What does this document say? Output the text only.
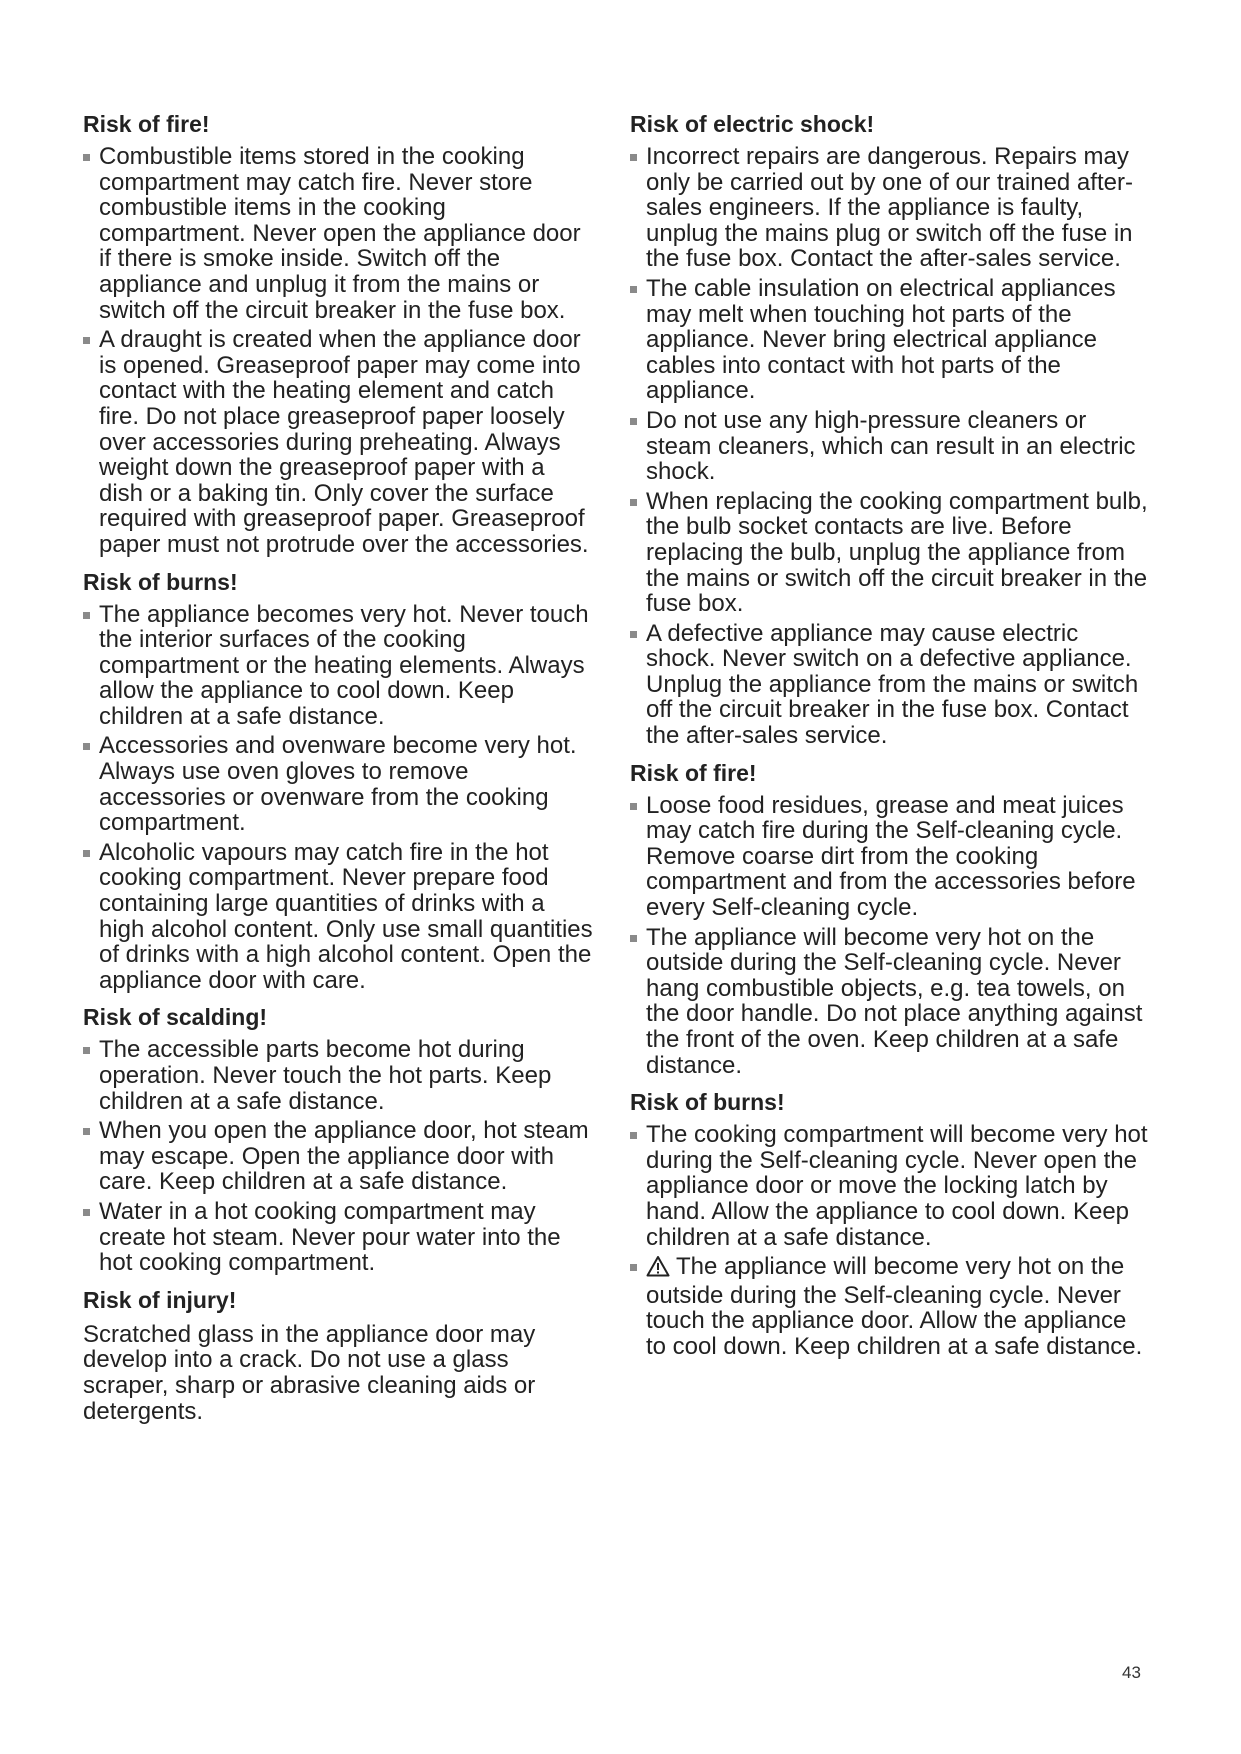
Risk of fire!
Combustible items stored in the cooking compartment may catch fire. Never store combustible items in the cooking compartment. Never open the appliance door if there is smoke inside. Switch off the appliance and unplug it from the mains or switch off the circuit breaker in the fuse box.
A draught is created when the appliance door is opened. Greaseproof paper may come into contact with the heating element and catch fire. Do not place greaseproof paper loosely over accessories during preheating. Always weight down the greaseproof paper with a dish or a baking tin. Only cover the surface required with greaseproof paper. Greaseproof paper must not protrude over the accessories.
Risk of burns!
The appliance becomes very hot. Never touch the interior surfaces of the cooking compartment or the heating elements. Always allow the appliance to cool down. Keep children at a safe distance.
Accessories and ovenware become very hot. Always use oven gloves to remove accessories or ovenware from the cooking compartment.
Alcoholic vapours may catch fire in the hot cooking compartment. Never prepare food containing large quantities of drinks with a high alcohol content. Only use small quantities of drinks with a high alcohol content. Open the appliance door with care.
Risk of scalding!
The accessible parts become hot during operation. Never touch the hot parts. Keep children at a safe distance.
When you open the appliance door, hot steam may escape. Open the appliance door with care. Keep children at a safe distance.
Water in a hot cooking compartment may create hot steam. Never pour water into the hot cooking compartment.
Risk of injury!

Scratched glass in the appliance door may develop into a crack. Do not use a glass scraper, sharp or abrasive cleaning aids or detergents.

Risk of electric shock!
Incorrect repairs are dangerous. Repairs may only be carried out by one of our trained after-sales engineers. If the appliance is faulty, unplug the mains plug or switch off the fuse in the fuse box. Contact the after-sales service.
The cable insulation on electrical appliances may melt when touching hot parts of the appliance. Never bring electrical appliance cables into contact with hot parts of the appliance.
Do not use any high-pressure cleaners or steam cleaners, which can result in an electric shock.
When replacing the cooking compartment bulb, the bulb socket contacts are live. Before replacing the bulb, unplug the appliance from the mains or switch off the circuit breaker in the fuse box.
A defective appliance may cause electric shock. Never switch on a defective appliance. Unplug the appliance from the mains or switch off the circuit breaker in the fuse box. Contact the after-sales service.
Risk of fire!
Loose food residues, grease and meat juices may catch fire during the Self-cleaning cycle. Remove coarse dirt from the cooking compartment and from the accessories before every Self-cleaning cycle.
The appliance will become very hot on the outside during the Self-cleaning cycle. Never hang combustible objects, e.g. tea towels, on the door handle. Do not place anything against the front of the oven. Keep children at a safe distance.
Risk of burns!
The cooking compartment will become very hot during the Self-cleaning cycle. Never open the appliance door or move the locking latch by hand. Allow the appliance to cool down. Keep children at a safe distance.
The appliance will become very hot on the outside during the Self-cleaning cycle. Never touch the appliance door. Allow the appliance to cool down. Keep children at a safe distance.
43
